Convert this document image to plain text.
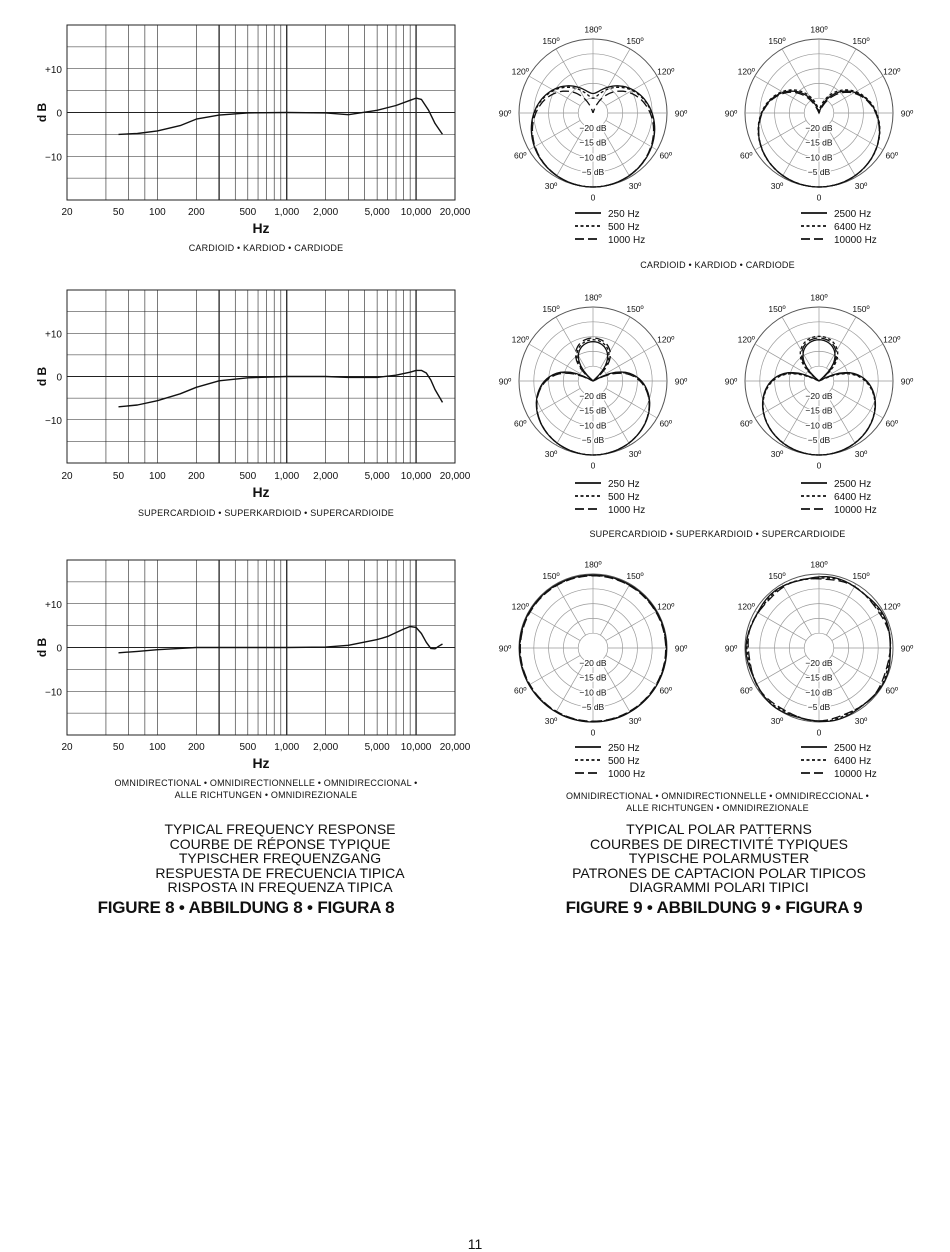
20	50	100 200	500 1,000 2,000	5,000 10,000 20,000
Hz
+10
0
−10
d B
20	50	100 200	500 1,000 2,000	5,000 10,000 20,000
Hz
+10
0
−10
d B
20	50	100 200	500 1,000 2,000	5,000 10,000 20,000
Hz
+10
0
−10
d B
180º
150º	150º
120º	120º
90º	90º
60º	60º
30º	30º
0
−20 dB
−15 dB
−10 dB
−5 dB
250 Hz
500 Hz
1000 Hz
180º
150º	150º
120º	120º
90º	90º
60º	60º
30º	30º
0
−20 dB
−15 dB
−10 dB
−5 dB
2500 Hz
6400 Hz
10000 Hz
180º
150º	150º
120º	120º
90º	90º
60º	60º
30º	30º
0
−20 dB
−15 dB
−10 dB
−5 dB
250 Hz
500 Hz
1000 Hz
180º
150º	150º
120º	120º
90º	90º
60º	60º
30º	30º
0
−20 dB
−15 dB
−10 dB
−5 dB
2500 Hz
6400 Hz
10000 Hz
180º
150º	150º
120º	120º
90º	90º
60º	60º
30º	30º
0
−20 dB
−15 dB
−10 dB
−5 dB
250 Hz
500 Hz
1000 Hz
180º
150º	150º
120º	120º
90º	90º
60º	60º
30º	30º
0
−20 dB
−15 dB
−10 dB
−5 dB
2500 Hz
6400 Hz
10000 Hz
CARDIOID • KARDIOD • CARDIODE
SUPERCARDIOID • SUPERKARDIOID • SUPERCARDIOIDE
OMNIDIRECTIONAL • OMNIDIRECTIONNELLE • OMNIDIRECCIONAL •
ALLE RICHTUNGEN • OMNIDIREZIONALE
CARDIOID • KARDIOD • CARDIODE
SUPERCARDIOID • SUPERKARDIOID • SUPERCARDIOIDE
OMNIDIRECTIONAL • OMNIDIRECTIONNELLE • OMNIDIRECCIONAL •
ALLE RICHTUNGEN • OMNIDIREZIONALE
TYPICAL FREQUENCY RESPONSE
COURBE DE RÉPONSE TYPIQUE
TYPISCHER FREQUENZGANG
RESPUESTA DE FRECUENCIA TIPICA
RISPOSTA IN FREQUENZA TIPICA
FIGURE 8 • ABBILDUNG 8 • FIGURA 8
TYPICAL POLAR PATTERNS
COURBES DE DIRECTIVITÉ TYPIQUES
TYPISCHE POLARMUSTER
PATRONES DE CAPTACION POLAR TIPICOS
DIAGRAMMI POLARI TIPICI
FIGURE 9 • ABBILDUNG 9 • FIGURA 9
11
